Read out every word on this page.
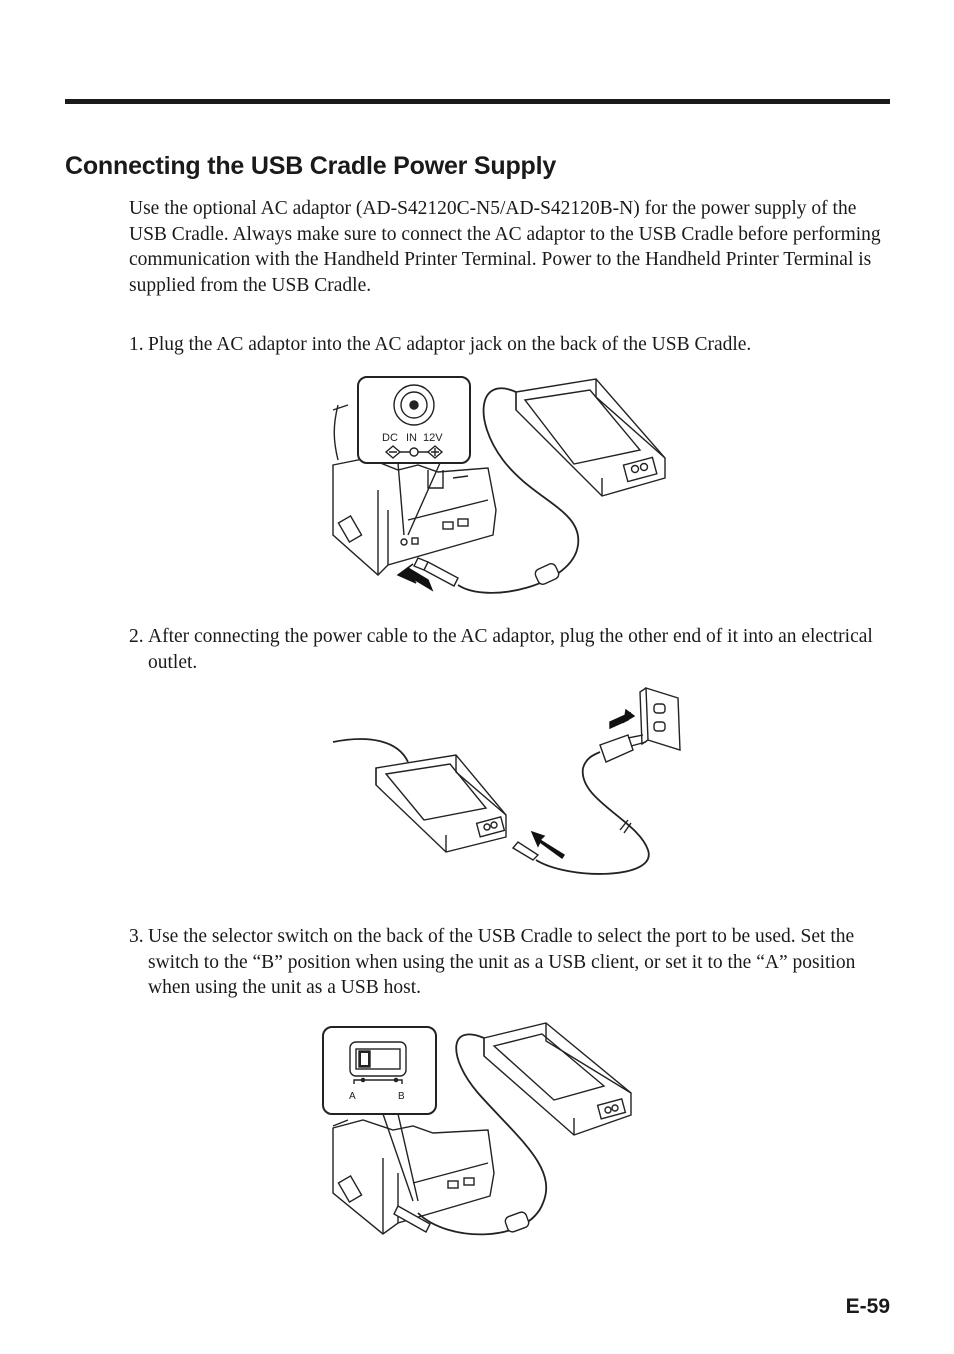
Connecting the USB Cradle Power Supply

Use the optional AC adaptor (AD-S42120C-N5/AD-S42120B-N) for the power supply of the USB Cradle. Always make sure to connect the AC adaptor to the USB Cradle before performing communication with the Handheld Printer Terminal. Power to the Handheld Printer Terminal is supplied from the USB Cradle.

1. Plug the AC adaptor into the AC adaptor jack on the back of the USB Cradle.
DC IN 12V
2. After connecting the power cable to the AC adaptor, plug the other end of it into an electrical outlet.
3. Use the selector switch on the back of the USB Cradle to select the port to be used. Set the switch to the “B” position when using the unit as a USB client, or set it to the “A” position when using the unit as a USB host.
A	B
E-59
